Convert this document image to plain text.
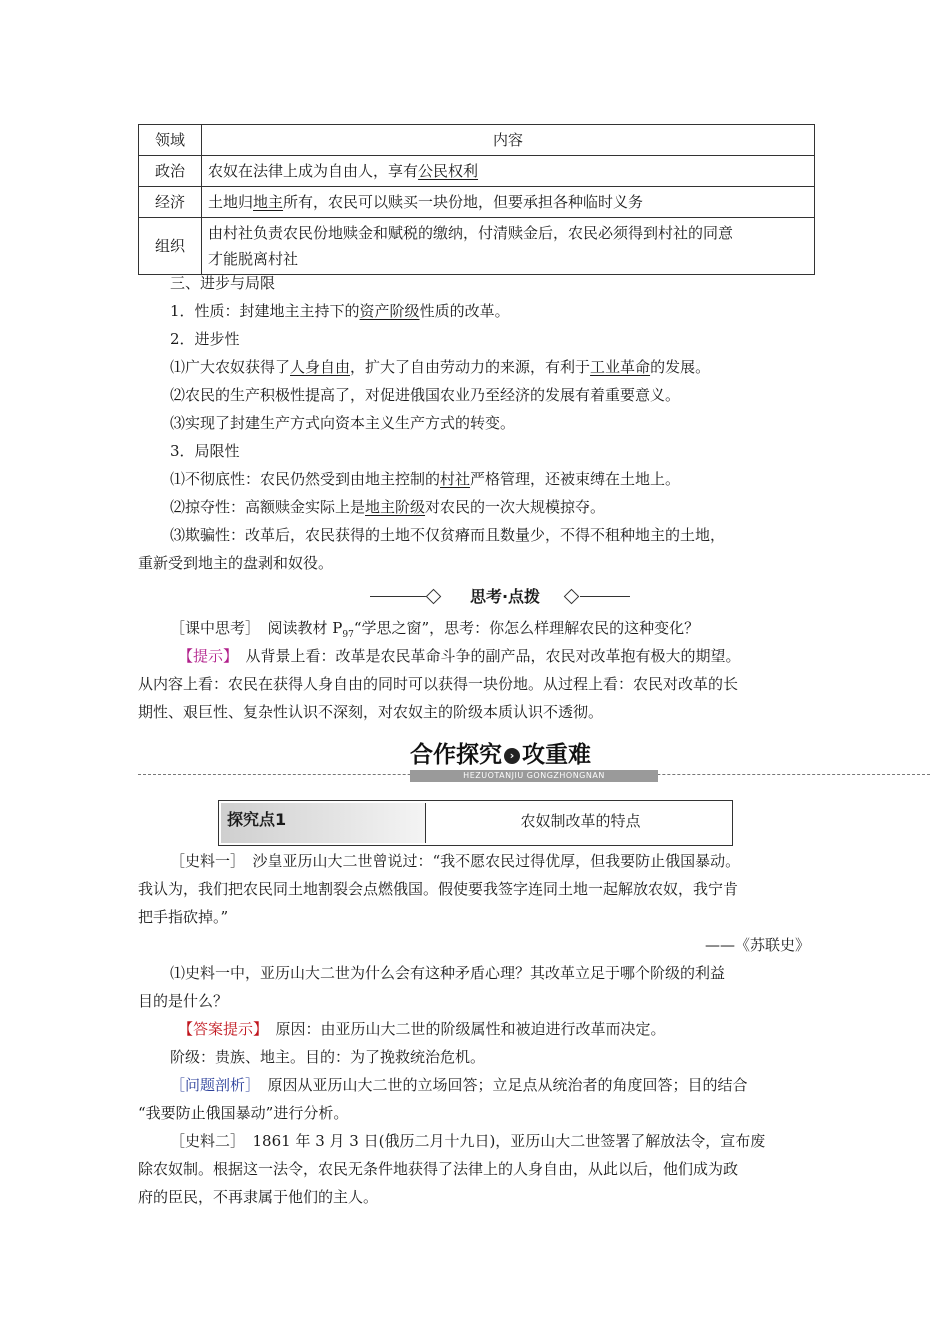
领域	内容
政治	农奴在法律上成为自由人，享有公民权利
经济	土地归地主所有，农民可以赎买一块份地，但要承担各种临时义务
组织	由村社负责农民份地赎金和赋税的缴纳，付清赎金后，农民必须得到村社的同意
才能脱离村社
三、进步与局限
1．性质：封建地主主持下的资产阶级性质的改革。
2．进步性
⑴广大农奴获得了人身自由，扩大了自由劳动力的来源，有利于工业革命的发展。
⑵农民的生产积极性提高了，对促进俄国农业乃至经济的发展有着重要意义。
⑶实现了封建生产方式向资本主义生产方式的转变。
3．局限性
⑴不彻底性：农民仍然受到由地主控制的村社严格管理，还被束缚在土地上。
⑵掠夺性：高额赎金实际上是地主阶级对农民的一次大规模掠夺。
⑶欺骗性：改革后，农民获得的土地不仅贫瘠而且数量少，不得不租种地主的土地，
重新受到地主的盘剥和奴役。
思考·点拨
［课中思考］　阅读教材 $P_{97}“$学思之窗”，思考：你怎么样理解农民的这种变化？
【提示】　从背景上看：改革是农民革命斗争的副产品，农民对改革抱有极大的期望。
从内容上看：农民在获得人身自由的同时可以获得一块份地。从过程上看：农民对改革的长
期性、艰巨性、复杂性认识不深刻，对农奴主的阶级本质认识不透彻。
合作探究 › 攻重难
HEZUOTANJIU GONGZHONGNAN
探究点1	农奴制改革的特点
［史料一］　沙皇亚历山大二世曾说过：“我不愿农民过得优厚，但我要防止俄国暴动。
我认为，我们把农民同土地割裂会点燃俄国。假使要我签字连同土地一起解放农奴，我宁肯
把手指砍掉。”
——《苏联史》
⑴史料一中，亚历山大二世为什么会有这种矛盾心理？其改革立足于哪个阶级的利益
目的是什么？
【答案提示】　原因：由亚历山大二世的阶级属性和被迫进行改革而决定。
阶级：贵族、地主。目的：为了挽救统治危机。
［问题剖析］　原因从亚历山大二世的立场回答；立足点从统治者的角度回答；目的结合
“我要防止俄国暴动”进行分析。
［史料二］　1861 年 3 月 3 日(俄历二月十九日)，亚历山大二世签署了解放法令，宣布废
除农奴制。根据这一法令，农民无条件地获得了法律上的人身自由，从此以后，他们成为政
府的臣民，不再隶属于他们的主人。
